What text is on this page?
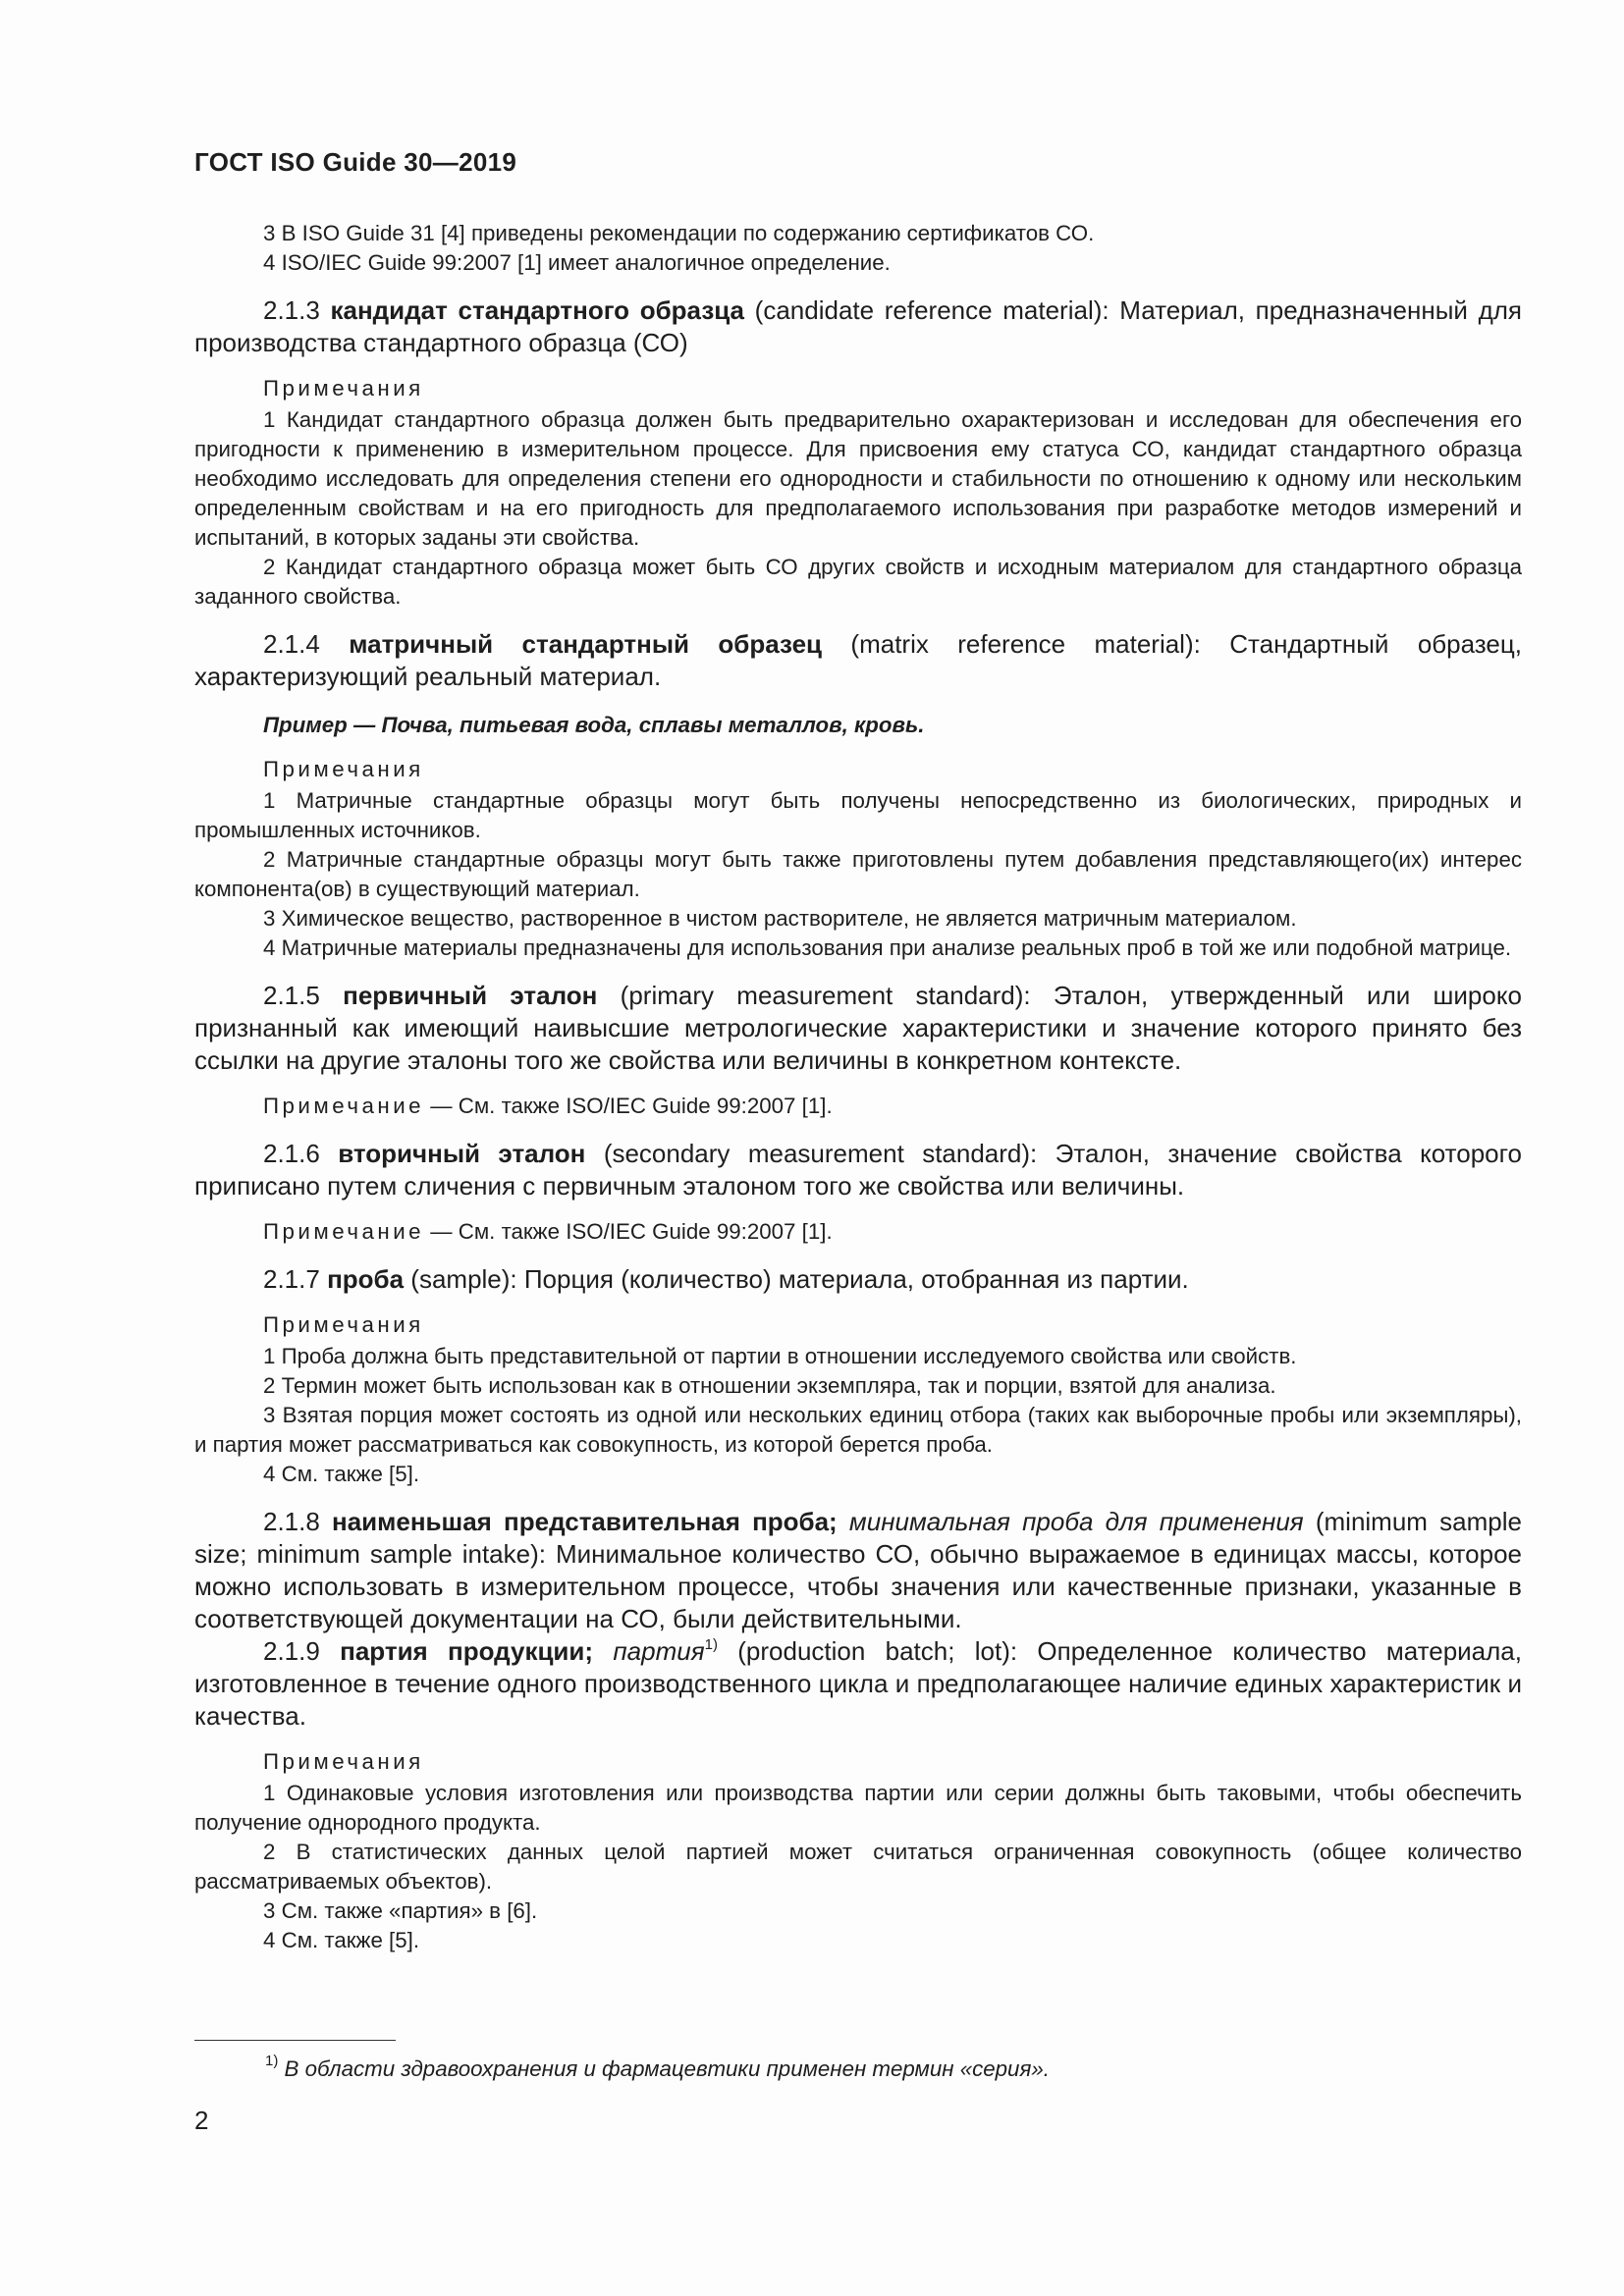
ГОСТ ISO Guide 30—2019

3 В ISO Guide 31 [4] приведены рекомендации по содержанию сертификатов СО.

4 ISO/IEC Guide 99:2007 [1] имеет аналогичное определение.

2.1.3 кандидат стандартного образца (candidate reference material): Материал, предназначенный для производства стандартного образца (СО)

Примечания

1 Кандидат стандартного образца должен быть предварительно охарактеризован и исследован для обеспечения его пригодности к применению в измерительном процессе. Для присвоения ему статуса СО, кандидат стандартного образца необходимо исследовать для определения степени его однородности и стабильности по отношению к одному или нескольким определенным свойствам и на его пригодность для предполагаемого использования при разработке методов измерений и испытаний, в которых заданы эти свойства.

2 Кандидат стандартного образца может быть СО других свойств и исходным материалом для стандартного образца заданного свойства.

2.1.4 матричный стандартный образец (matrix reference material): Стандартный образец, характеризующий реальный материал.

Пример — Почва, питьевая вода, сплавы металлов, кровь.

Примечания

1 Матричные стандартные образцы могут быть получены непосредственно из биологических, природных и промышленных источников.

2 Матричные стандартные образцы могут быть также приготовлены путем добавления представляющего(их) интерес компонента(ов) в существующий материал.

3 Химическое вещество, растворенное в чистом растворителе, не является матричным материалом.

4 Матричные материалы предназначены для использования при анализе реальных проб в той же или подобной матрице.

2.1.5 первичный эталон (primary measurement standard): Эталон, утвержденный или широко признанный как имеющий наивысшие метрологические характеристики и значение которого принято без ссылки на другие эталоны того же свойства или величины в конкретном контексте.

Примечание — См. также ISO/IEC Guide 99:2007 [1].

2.1.6 вторичный эталон (secondary measurement standard): Эталон, значение свойства которого приписано путем сличения с первичным эталоном того же свойства или величины.

Примечание — См. также ISO/IEC Guide 99:2007 [1].

2.1.7 проба (sample): Порция (количество) материала, отобранная из партии.

Примечания

1 Проба должна быть представительной от партии в отношении исследуемого свойства или свойств.

2 Термин может быть использован как в отношении экземпляра, так и порции, взятой для анализа.

3 Взятая порция может состоять из одной или нескольких единиц отбора (таких как выборочные пробы или экземпляры), и партия может рассматриваться как совокупность, из которой берется проба.

4 См. также [5].

2.1.8 наименьшая представительная проба; минимальная проба для применения (minimum sample size; minimum sample intake): Минимальное количество СО, обычно выражаемое в единицах массы, которое можно использовать в измерительном процессе, чтобы значения или качественные признаки, указанные в соответствующей документации на СО, были действительными.

2.1.9 партия продукции; партия$^{1)}$ (production batch; lot): Определенное количество материала, изготовленное в течение одного производственного цикла и предполагающее наличие единых характеристик и качества.

Примечания

1 Одинаковые условия изготовления или производства партии или серии должны быть таковыми, чтобы обеспечить получение однородного продукта.

2 В статистических данных целой партией может считаться ограниченная совокупность (общее количество рассматриваемых объектов).

3 См. также «партия» в [6].

4 См. также [5].

$^{1)}$ В области здравоохранения и фармацевтики применен термин «серия».
2
